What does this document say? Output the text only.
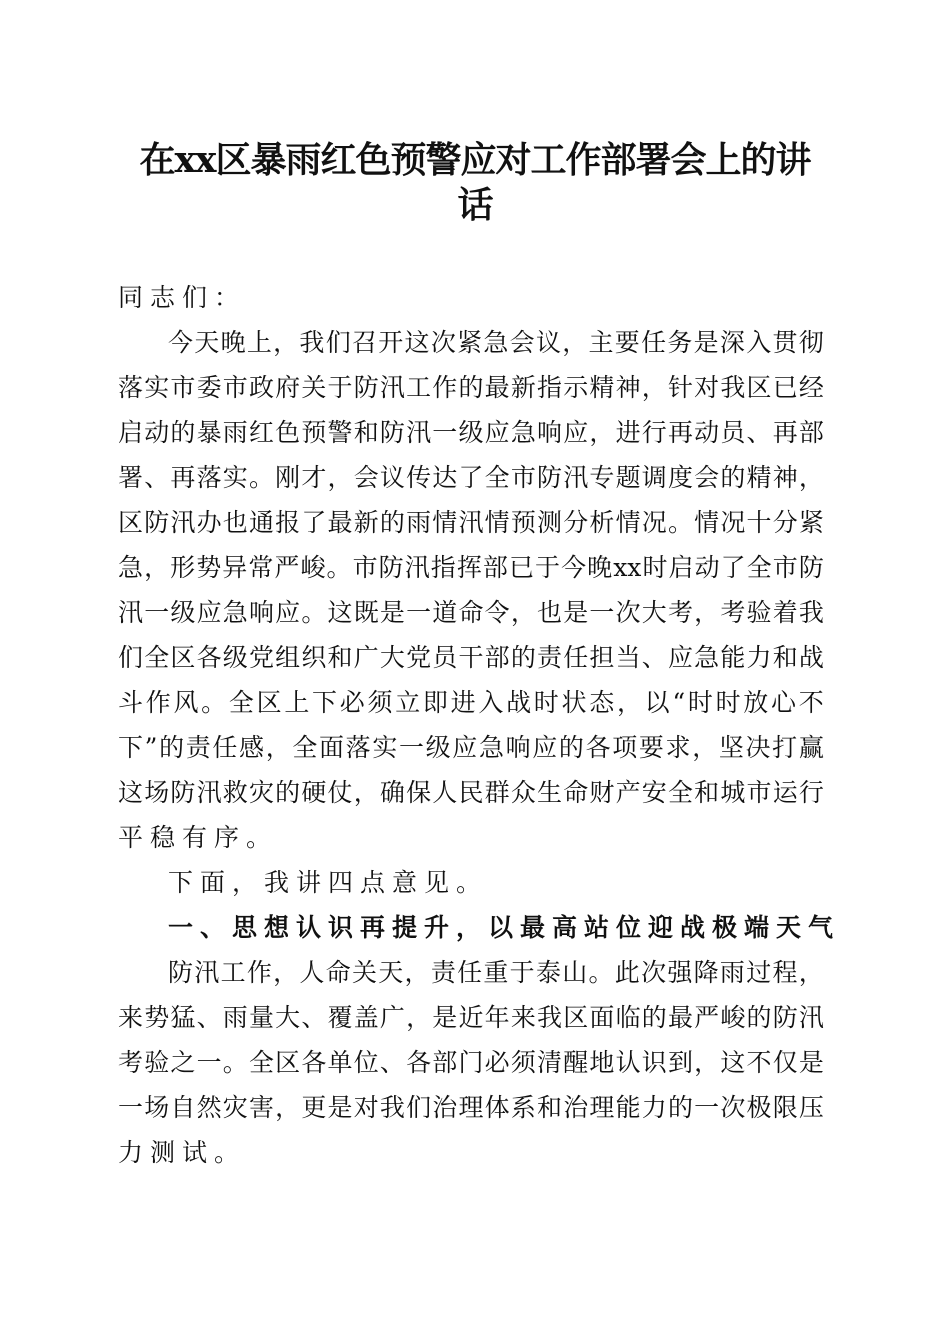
在xx区暴雨红色预警应对工作部署会上的讲
话
同志们：
今 天 晚 上 ， 我 们 召 开 这 次 紧 急 会 议 ， 主 要 任 务 是 深 入 贯 彻
落 实 市 委 市 政 府 关 于 防 汛 工 作 的 最 新 指 示 精 神 ， 针 对 我 区 已 经
启 动 的 暴 雨 红 色 预 警 和 防 汛 一 级 应 急 响 应 ， 进 行 再 动 员 、 再 部
署 、 再 落 实 。 刚 才 ， 会 议 传 达 了 全 市 防 汛 专 题 调 度 会 的 精 神 ，
区 防 汛 办 也 通 报 了 最 新 的 雨 情 汛 情 预 测 分 析 情 况 。 情 况 十 分 紧
急 ， 形 势 异 常 严 峻 。 市 防 汛 指 挥 部 已 于 今 晚 xx 时 启 动 了 全 市 防
汛 一 级 应 急 响 应 。 这 既 是 一 道 命 令 ， 也 是 一 次 大 考 ， 考 验 着 我
们 全 区 各 级 党 组 织 和 广 大 党 员 干 部 的 责 任 担 当 、 应 急 能 力 和 战
斗 作 风 。 全 区 上 下 必 须 立 即 进 入 战 时 状 态 ， 以 “ 时 时 放 心 不
下 ” 的 责 任 感 ， 全 面 落 实 一 级 应 急 响 应 的 各 项 要 求 ， 坚 决 打 赢
这 场 防 汛 救 灾 的 硬 仗 ， 确 保 人 民 群 众 生 命 财 产 安 全 和 城 市 运 行
平稳有序。
下面，我讲四点意见。
一、思想认识再提升，以最高站位迎战极端天气
防 汛 工 作 ， 人 命 关 天 ， 责 任 重 于 泰 山 。 此 次 强 降 雨 过 程 ，
来 势 猛 、 雨 量 大 、 覆 盖 广 ， 是 近 年 来 我 区 面 临 的 最 严 峻 的 防 汛
考 验 之 一 。 全 区 各 单 位 、 各 部 门 必 须 清 醒 地 认 识 到 ， 这 不 仅 是
一 场 自 然 灾 害 ， 更 是 对 我 们 治 理 体 系 和 治 理 能 力 的 一 次 极 限 压
力测试。
